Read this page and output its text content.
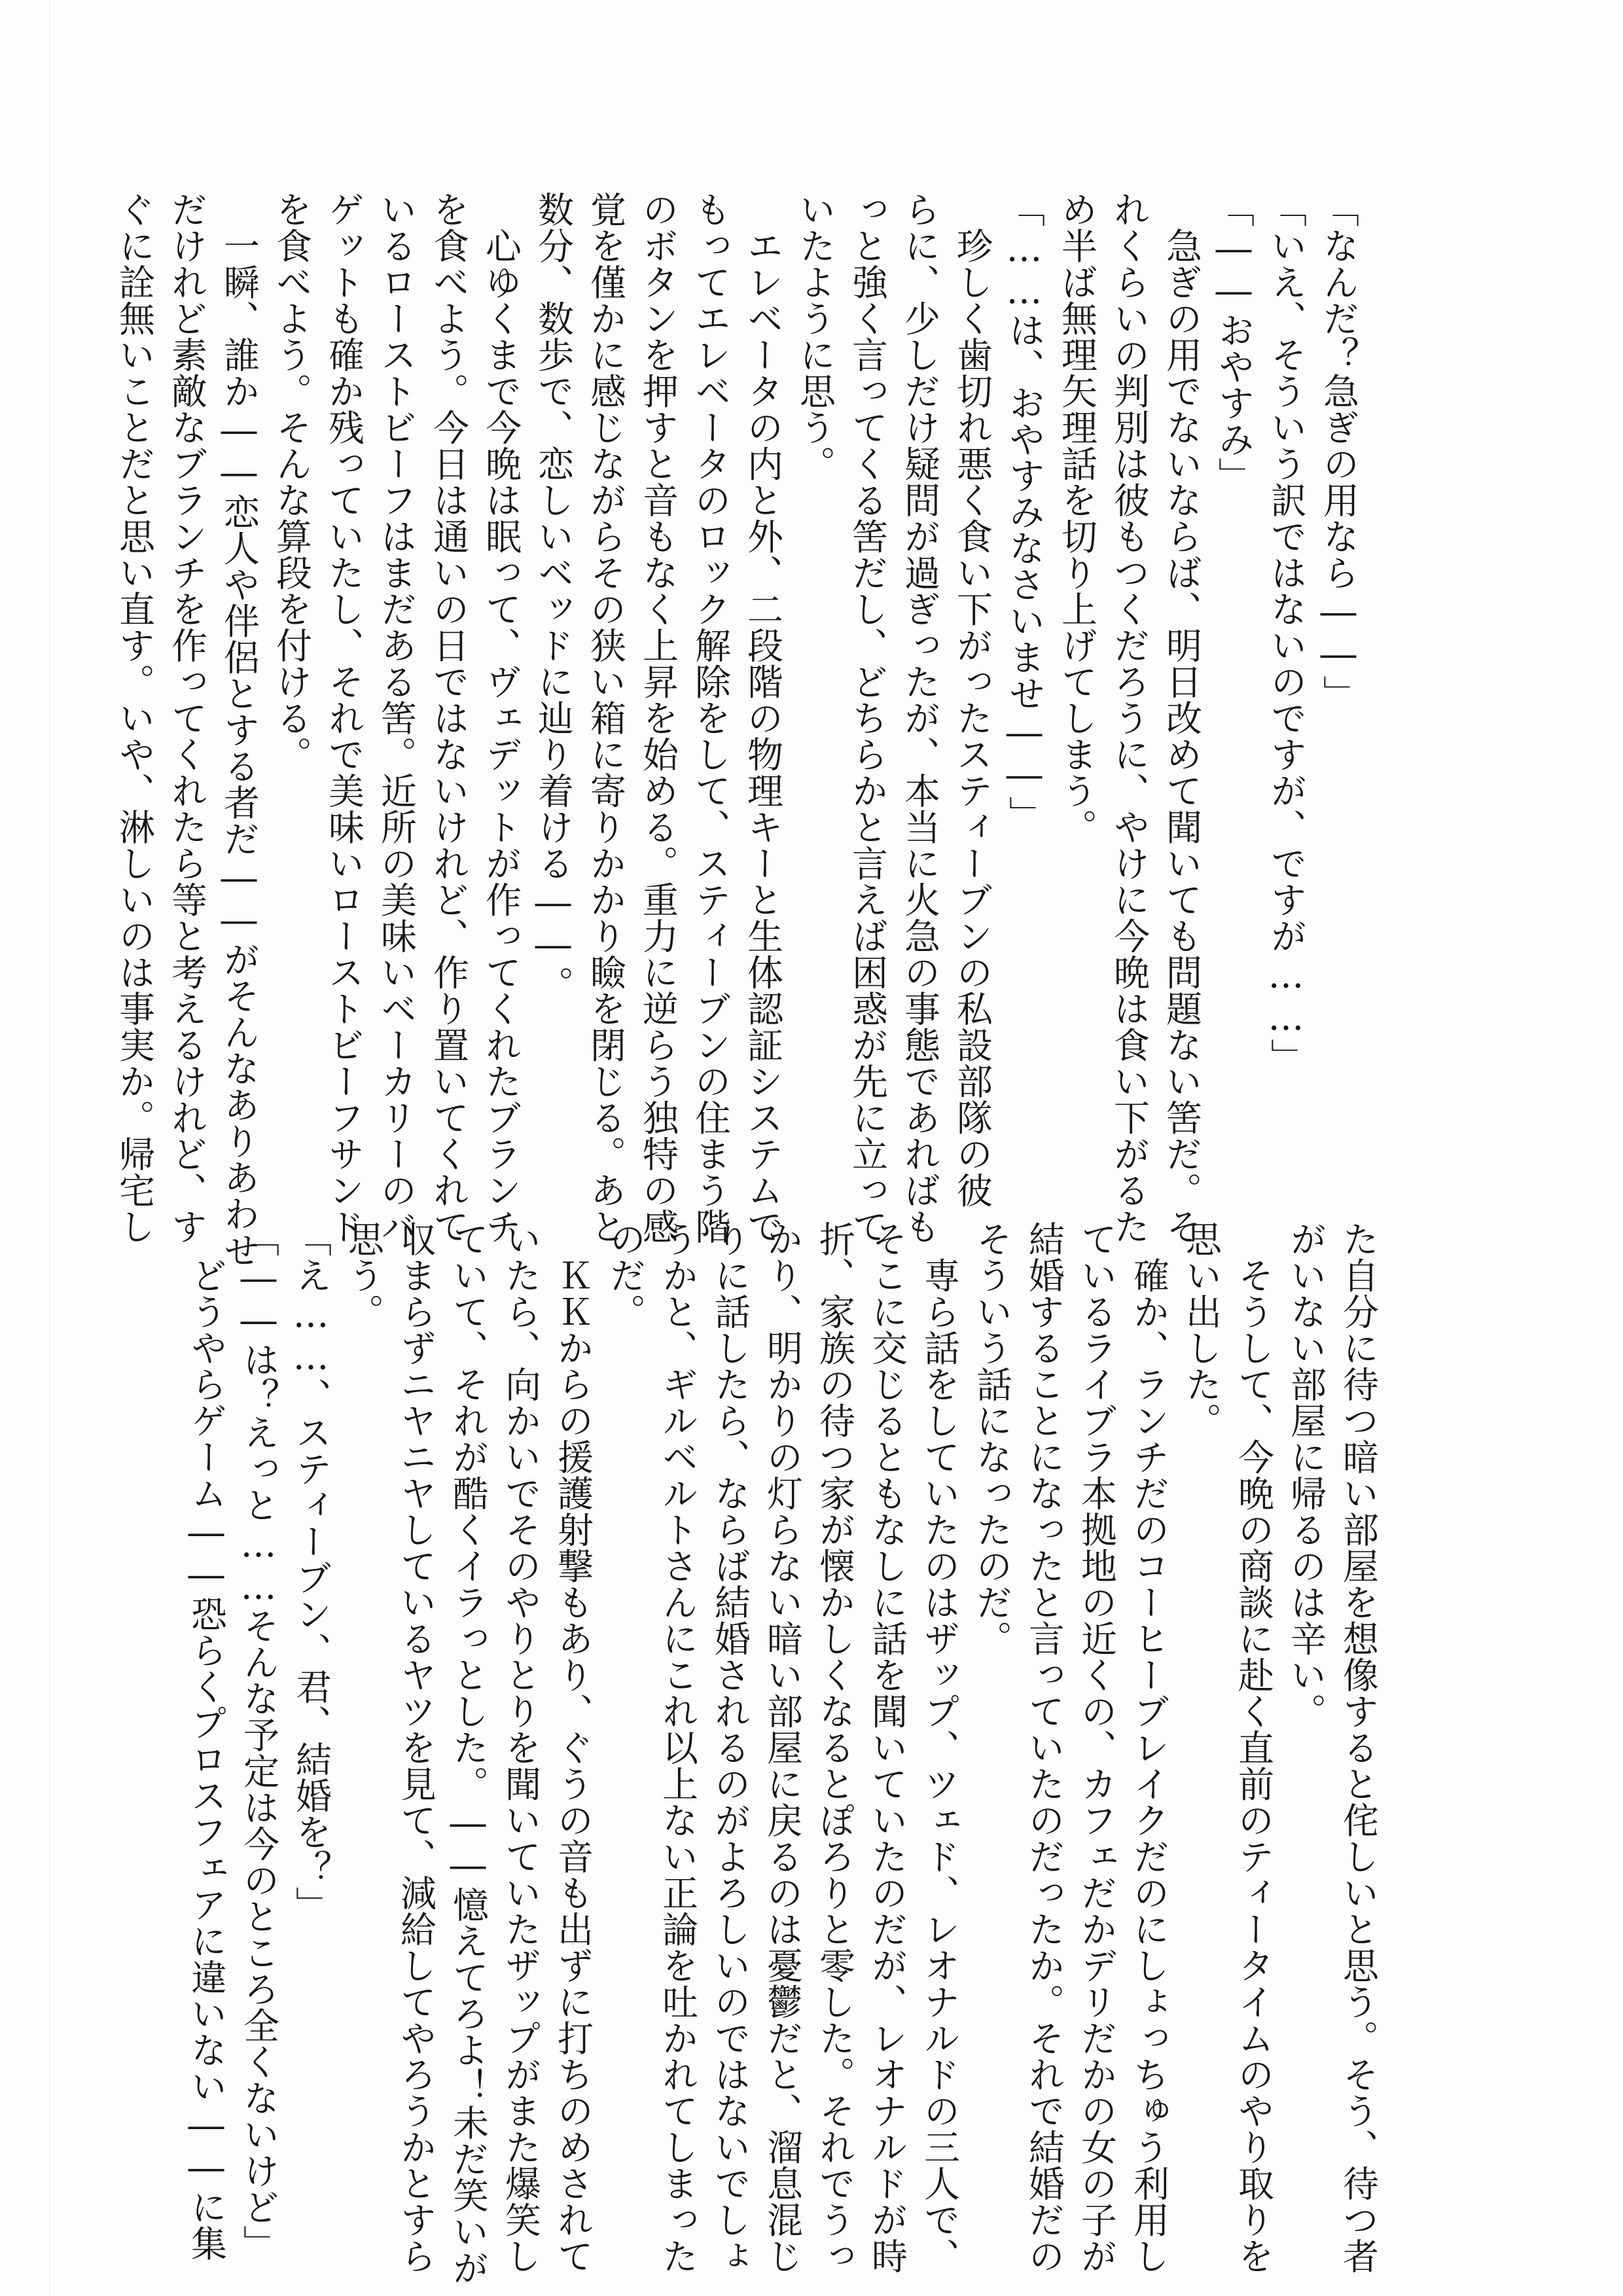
「なんだ？急ぎの用なら――」
「いえ、そういう訳ではないのですが、ですが……」
「――おやすみ」
　急ぎの用でないならば、明日改めて聞いても問題ない筈だ。そ
れくらいの判別は彼もつくだろうに、やけに今晩は食い下がるた
め半ば無理矢理話を切り上げてしまう。
「……は、おやすみなさいませ――」
　珍しく歯切れ悪く食い下がったスティーブンの私設部隊の彼
らに、少しだけ疑問が過ぎったが、本当に火急の事態であればも
っと強く言ってくる筈だし、どちらかと言えば困惑が先に立って
いたように思う。
　エレベータの内と外、二段階の物理キーと生体認証システムで
もってエレベータのロック解除をして、スティーブンの住まう階
のボタンを押すと音もなく上昇を始める。重力に逆らう独特の感
覚を僅かに感じながらその狭い箱に寄りかかり瞼を閉じる。あと
数分、数歩で、恋しいベッドに辿り着ける――。
　心ゆくまで今晩は眠って、ヴェデットが作ってくれたブランチ
を食べよう。今日は通いの日ではないけれど、作り置いてくれて
いるローストビーフはまだある筈。近所の美味いベーカリーのバ
ゲットも確か残っていたし、それで美味いローストビーフサンド
を食べよう。そんな算段を付ける。
　一瞬、誰か――恋人や伴侶とする者だ――がそんなありあわせ
だけれど素敵なブランチを作ってくれたら等と考えるけれど、す
ぐに詮無いことだと思い直す。いや、淋しいのは事実か。帰宅し
た自分に待つ暗い部屋を想像すると侘しいと思う。そう、待つ者
がいない部屋に帰るのは辛い。
　そうして、今晩の商談に赴く直前のティータイムのやり取りを
思い出した。
　確か、ランチだのコーヒーブレイクだのにしょっちゅう利用し
ているライブラ本拠地の近くの、カフェだかデリだかの女の子が
結婚することになったと言っていたのだったか。それで結婚だの
そういう話になったのだ。
　専ら話をしていたのはザップ、ツェド、レオナルドの三人で、
そこに交じるともなしに話を聞いていたのだが、レオナルドが時
折、家族の待つ家が懐かしくなるとぽろりと零した。それでうっ
かり、明かりの灯らない暗い部屋に戻るのは憂鬱だと、溜息混じ
りに話したら、ならば結婚されるのがよろしいのではないでしょ
うかと、ギルベルトさんにこれ以上ない正論を吐かれてしまった
のだ。
　ＫＫからの援護射撃もあり、ぐうの音も出ずに打ちのめされて
いたら、向かいでそのやりとりを聞いていたザップがまた爆笑し
ていて、それが酷くイラっとした。――憶えてろよ！未だ笑いが
収まらずニヤニヤしているヤツを見て、減給してやろうかとすら
思う。
「え……、スティーブン、君、結婚を？」
「――は？えっと……そんな予定は今のところ全くないけど」
　どうやらゲーム――恐らくプロスフェアに違いない――に集
